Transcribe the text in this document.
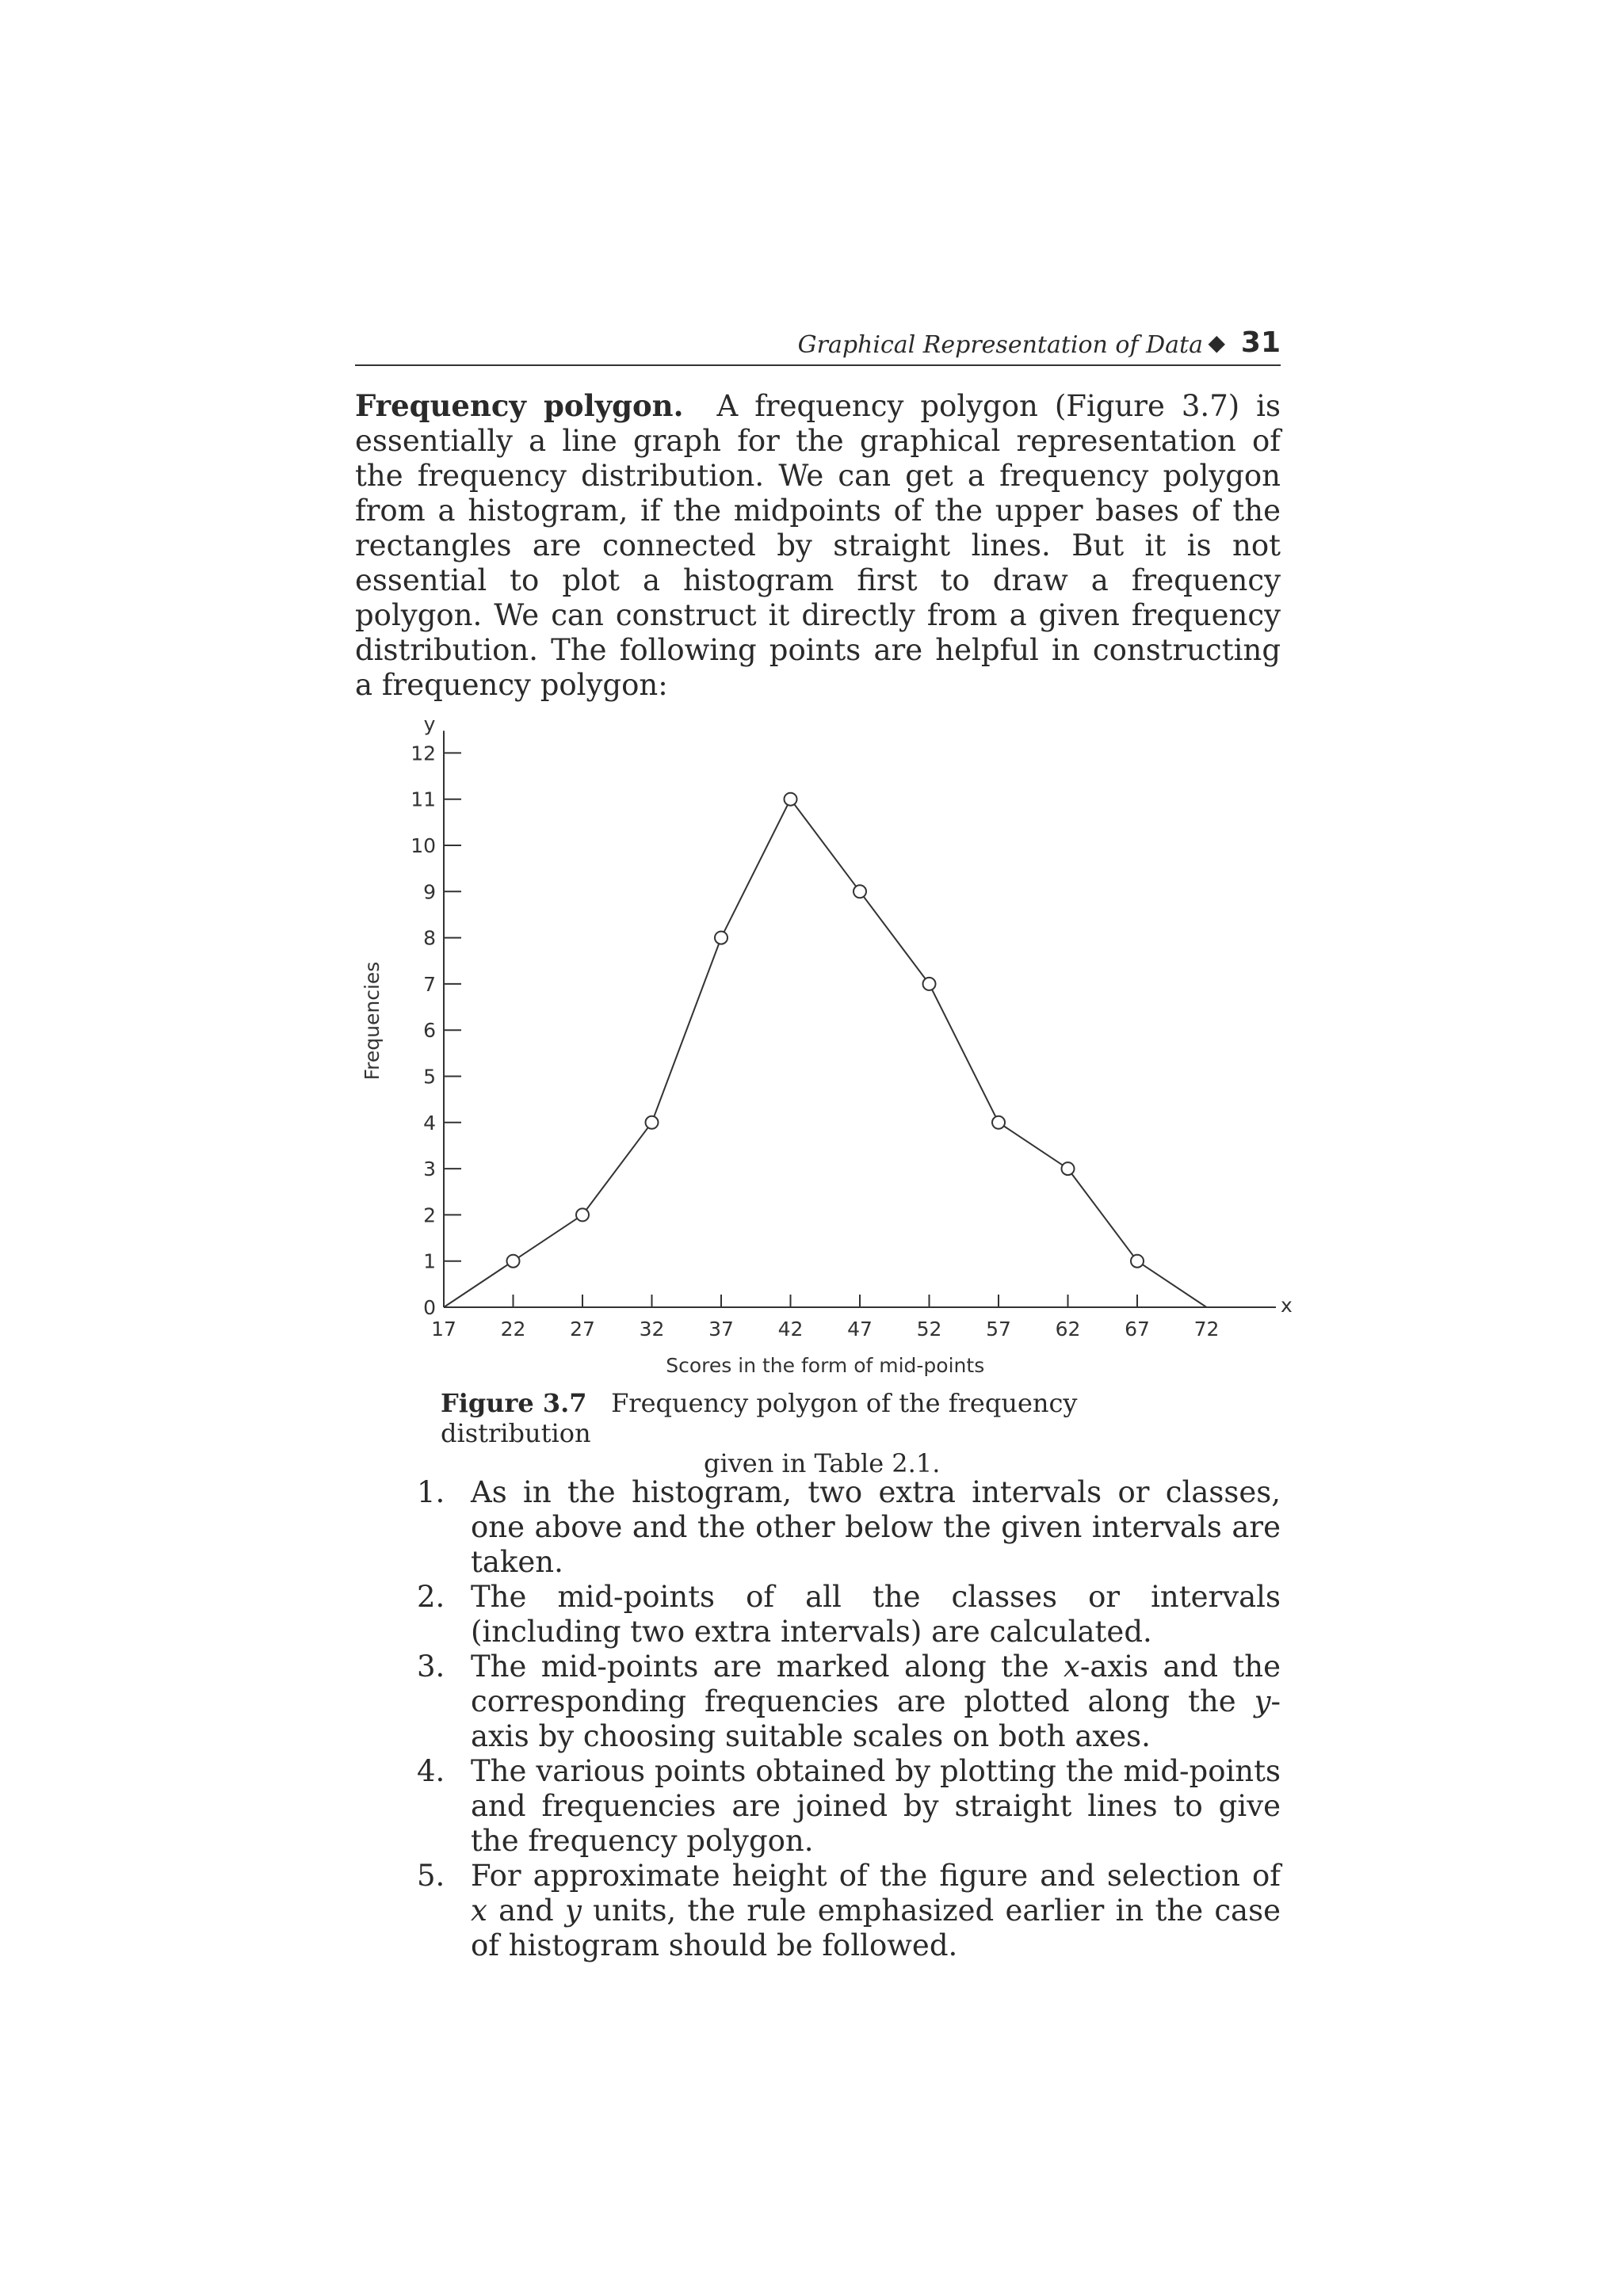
Graphical Representation of Data ◆ 31

Frequency polygon. A frequency polygon (Figure 3.7) is essentially a line graph for the graphical representation of the frequency distribution. We can get a frequency polygon from a histogram, if the midpoints of the upper bases of the rectangles are connected by straight lines. But it is not essential to plot a histogram first to draw a frequency polygon. We can construct it directly from a given frequency distribution. The following points are helpful in constructing a frequency polygon:

0
1
2
3
4
5
6
7
8
9
10
11
12
17 22 27 32 37 42 47 52 57 62 67 72
Scores in the form of mid-points
Frequencies
x
y
Figure 3.7 Frequency polygon of the frequency distribution
given in Table 2.1.
1. As in the histogram, two extra intervals or classes, one above and the other below the given intervals are taken.
2. The mid-points of all the classes or intervals (including two extra intervals) are calculated.
3. The mid-points are marked along the x-axis and the corresponding frequencies are plotted along the y-axis by choosing suitable scales on both axes.
4. The various points obtained by plotting the mid-points and frequencies are joined by straight lines to give the frequency polygon.
5. For approximate height of the figure and selection of x and y units, the rule emphasized earlier in the case of histogram should be followed.
